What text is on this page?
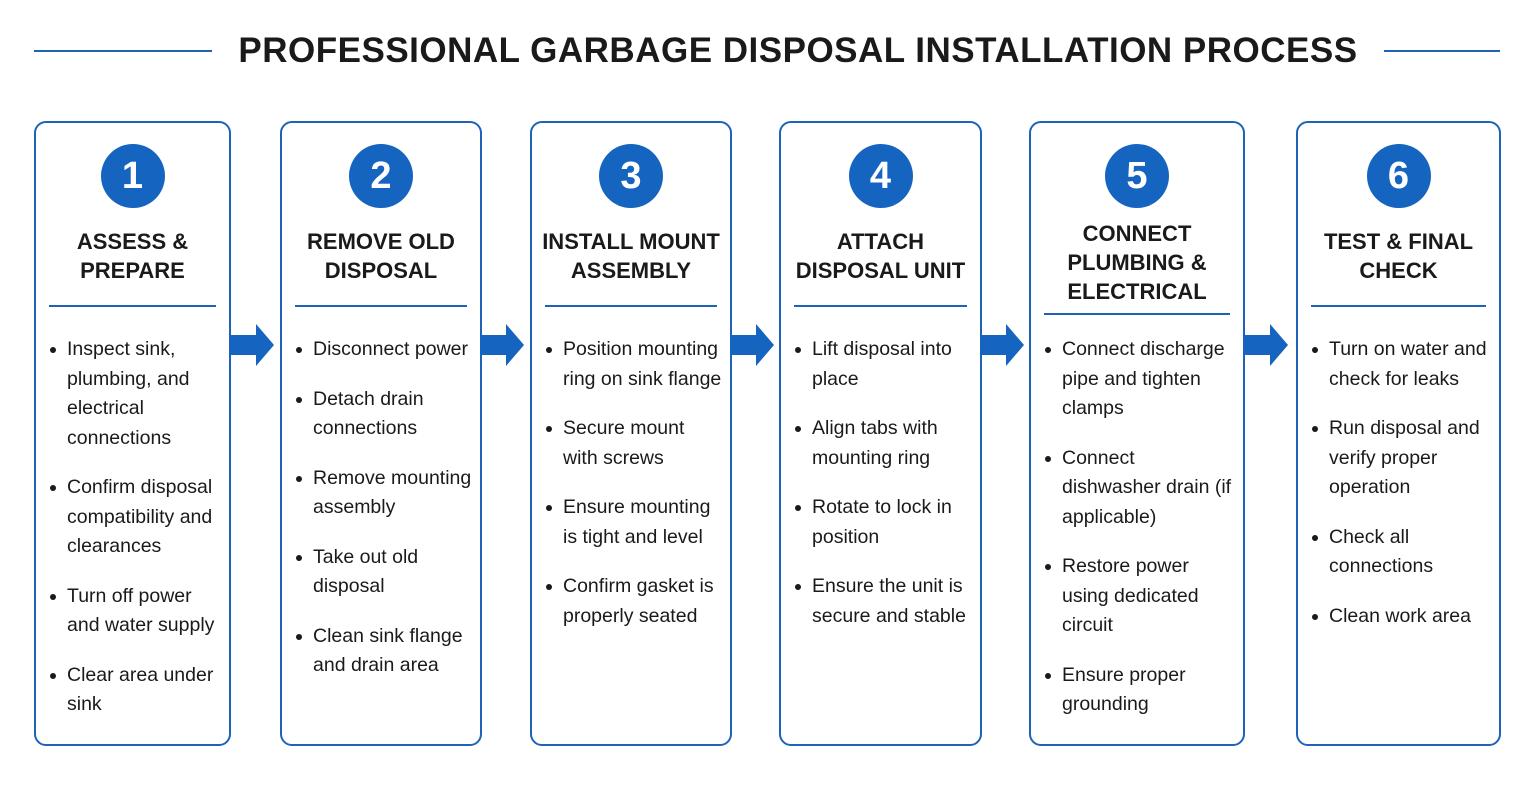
PROFESSIONAL GARBAGE DISPOSAL INSTALLATION PROCESS
1
ASSESS &
PREPARE
Inspect sink, plumbing, and electrical connections
Confirm disposal compatibility and clearances
Turn off power and water supply
Clear area under sink
2
REMOVE OLD
DISPOSAL
Disconnect power
Detach drain connections
Remove mounting assembly
Take out old disposal
Clean sink flange and drain area
3
INSTALL MOUNT
ASSEMBLY
Position mounting ring on sink flange
Secure mount with screws
Ensure mounting is tight and level
Confirm gasket is properly seated
4
ATTACH
DISPOSAL UNIT
Lift disposal into place
Align tabs with mounting ring
Rotate to lock in position
Ensure the unit is secure and stable
5
CONNECT
PLUMBING &
ELECTRICAL
Connect discharge pipe and tighten clamps
Connect dishwasher drain (if applicable)
Restore power using dedicated circuit
Ensure proper grounding
6
TEST & FINAL
CHECK
Turn on water and check for leaks
Run disposal and verify proper operation
Check all connections
Clean work area
